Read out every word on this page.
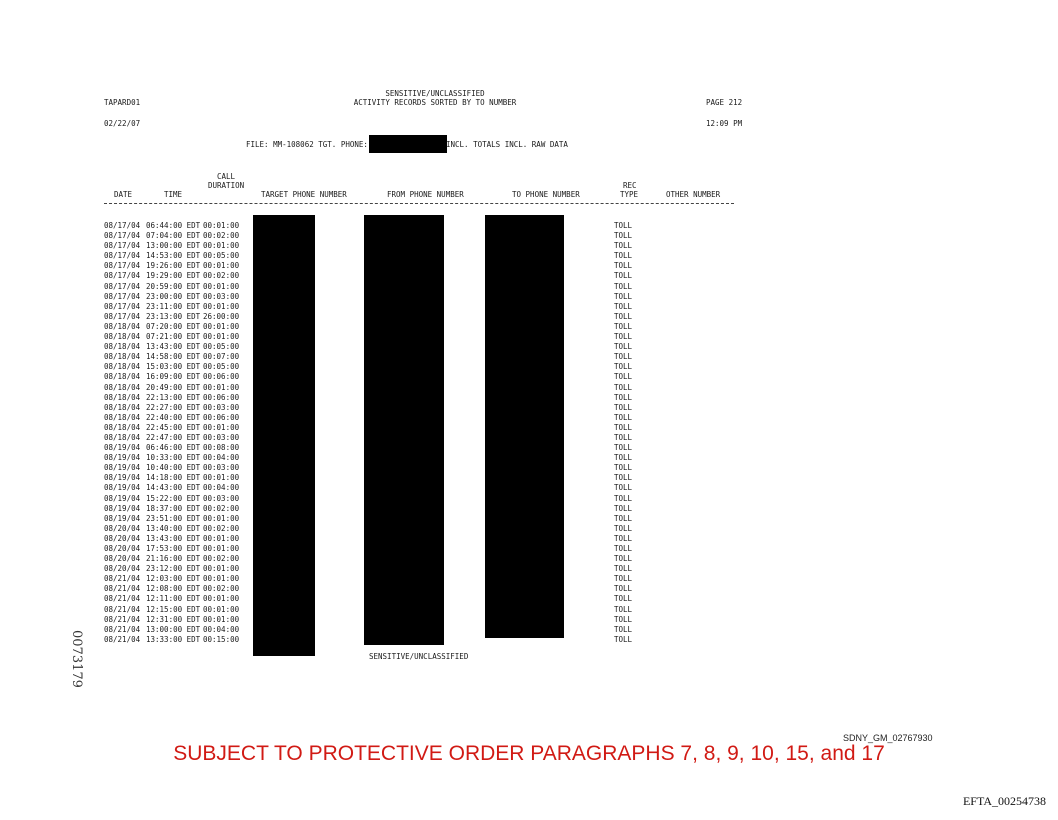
TAPARD01
SENSITIVE/UNCLASSIFIED
ACTIVITY RECORDS SORTED BY TO NUMBER	PAGE 212
02/22/07	12:09 PM
FILE: MM-108062 TGT. PHONE:	INCL. TOTALS INCL. RAW DATA
CALL
DURATION
DATE	TIME	TARGET PHONE NUMBER	FROM PHONE NUMBER	TO PHONE NUMBER
REC
TYPE	OTHER NUMBER
08/17/04 06:44:00 EDT 00:01:00	TOLL
08/17/04 07:04:00 EDT 00:02:00	TOLL
08/17/04 13:00:00 EDT 00:01:00	TOLL
08/17/04 14:53:00 EDT 00:05:00	TOLL
08/17/04 19:26:00 EDT 00:01:00	TOLL
08/17/04 19:29:00 EDT 00:02:00	TOLL
08/17/04 20:59:00 EDT 00:01:00	TOLL
08/17/04 23:00:00 EDT 00:03:00	TOLL
08/17/04 23:11:00 EDT 00:01:00	TOLL
08/17/04 23:13:00 EDT 26:00:00	TOLL
08/18/04 07:20:00 EDT 00:01:00	TOLL
08/18/04 07:21:00 EDT 00:01:00	TOLL
08/18/04 13:43:00 EDT 00:05:00	TOLL
08/18/04 14:58:00 EDT 00:07:00	TOLL
08/18/04 15:03:00 EDT 00:05:00	TOLL
08/18/04 16:09:00 EDT 00:06:00	TOLL
08/18/04 20:49:00 EDT 00:01:00	TOLL
08/18/04 22:13:00 EDT 00:06:00	TOLL
08/18/04 22:27:00 EDT 00:03:00	TOLL
08/18/04 22:40:00 EDT 00:06:00	TOLL
08/18/04 22:45:00 EDT 00:01:00	TOLL
08/18/04 22:47:00 EDT 00:03:00	TOLL
08/19/04 06:46:00 EDT 00:08:00	TOLL
08/19/04 10:33:00 EDT 00:04:00	TOLL
08/19/04 10:40:00 EDT 00:03:00	TOLL
08/19/04 14:18:00 EDT 00:01:00	TOLL
08/19/04 14:43:00 EDT 00:04:00	TOLL
08/19/04 15:22:00 EDT 00:03:00	TOLL
08/19/04 18:37:00 EDT 00:02:00	TOLL
08/19/04 23:51:00 EDT 00:01:00	TOLL
08/20/04 13:40:00 EDT 00:02:00	TOLL
08/20/04 13:43:00 EDT 00:01:00	TOLL
08/20/04 17:53:00 EDT 00:01:00	TOLL
08/20/04 21:16:00 EDT 00:02:00	TOLL
08/20/04 23:12:00 EDT 00:01:00	TOLL
08/21/04 12:03:00 EDT 00:01:00	TOLL
08/21/04 12:08:00 EDT 00:02:00	TOLL
08/21/04 12:11:00 EDT 00:01:00	TOLL
08/21/04 12:15:00 EDT 00:01:00	TOLL
08/21/04 12:31:00 EDT 00:01:00	TOLL
08/21/04 13:00:00 EDT 00:04:00	TOLL
08/21/04 13:33:00 EDT 00:15:00	TOLL
SENSITIVE/UNCLASSIFIED
0073179
SDNY_GM_02767930
SUBJECT TO PROTECTIVE ORDER PARAGRAPHS 7, 8, 9, 10, 15, and 17
EFTA_00254738
